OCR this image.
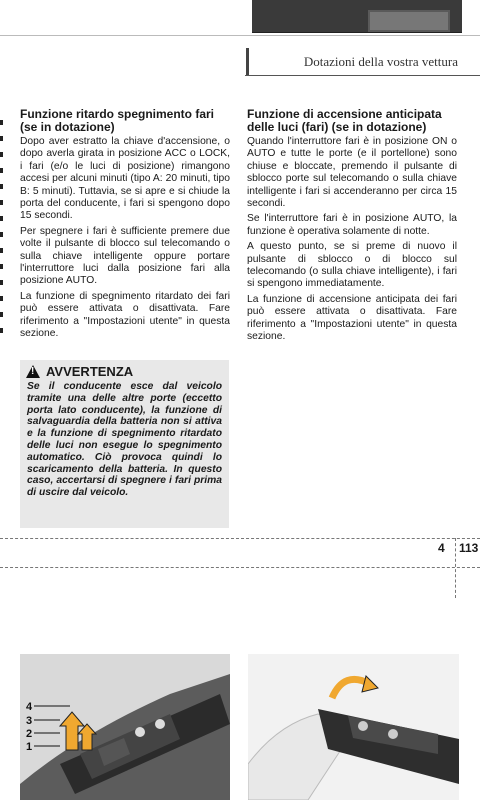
Dotazioni della vostra vettura
Funzione ritardo spegnimento fari (se in dotazione)

Dopo aver estratto la chiave d'accensione, o dopo averla girata in posizione ACC o LOCK, i fari (e/o le luci di posizione) rimangono accesi per alcuni minuti (tipo A: 20 minuti, tipo B: 5 minuti). Tuttavia, se si apre e si chiude la porta del conducente, i fari si spengono dopo 15 secondi.

Per spegnere i fari è sufficiente premere due volte il pulsante di blocco sul telecomando o sulla chiave intelligente oppure portare l'interruttore luci dalla posizione fari alla posizione AUTO.

La funzione di spegnimento ritardato dei fari può essere attivata o disattivata. Fare riferimento a "Impostazioni utente" in questa sezione.

!
AVVERTENZA
Se il conducente esce dal veicolo tramite una delle altre porte (eccetto porta lato conducente), la funzione di salvaguardia della batteria non si attiva e la funzione di spegnimento ritardato delle luci non esegue lo spegnimento automatico. Ciò provoca quindi lo scaricamento della batteria. In questo caso, accertarsi di spegnere i fari prima di uscire dal veicolo.
Funzione di accensione anticipata delle luci (fari) (se in dotazione)

Quando l'interruttore fari è in posizione ON o AUTO e tutte le porte (e il portellone) sono chiuse e bloccate, premendo il pulsante di sblocco porte sul telecomando o sulla chiave intelligente i fari si accenderanno per circa 15 secondi.

Se l'interruttore fari è in posizione AUTO, la funzione è operativa solamente di notte.

A questo punto, se si preme di nuovo il pulsante di sblocco o di blocco sul telecomando (o sulla chiave intelligente), i fari si spengono immediatamente.

La funzione di accensione anticipata dei fari può essere attivata o disattivata. Fare riferimento a "Impostazioni utente" in questa sezione.

4 113
4
3
2
1
